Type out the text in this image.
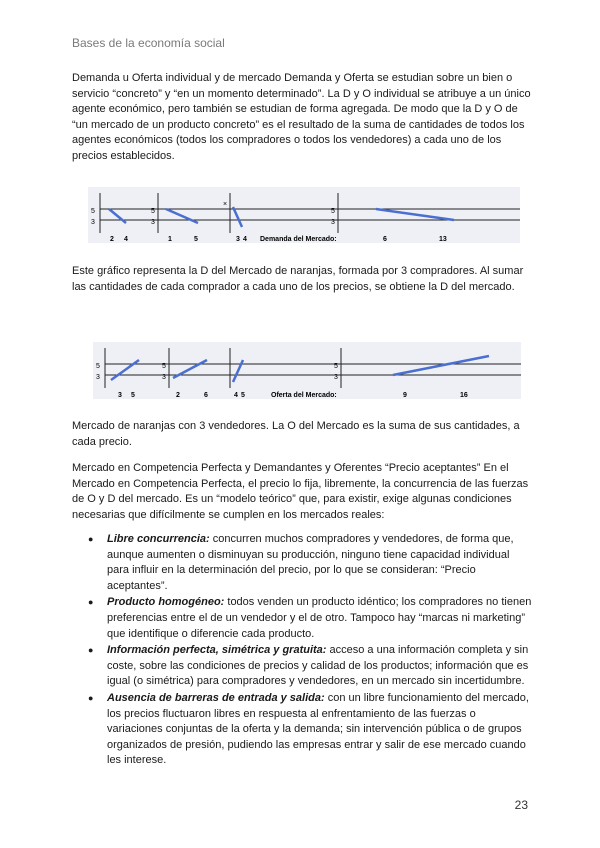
Bases de la economía social

Demanda u Oferta individual y de mercado Demanda y Oferta se estudian sobre un bien o servicio “concreto” y “en un momento determinado”. La D y O individual se atribuye a un único agente económico, pero también se estudian de forma agregada. De modo que la D y O de “un mercado de un producto concreto” es el resultado de la suma de cantidades de todos los agentes económicos (todos los compradores o todos los vendedores) a cada uno de los precios establecidos.

5
3
5
3
5
3
×
2 4	1	5	3 4	6	13
Demanda del Mercado:

Este gráfico representa la D del Mercado de naranjas, formada por 3 compradores. Al sumar las cantidades de cada comprador a cada uno de los precios, se obtiene la D del mercado.

5
3
5
3
5
3
3 5	2	6	4 5	9	16
Oferta del Mercado:

Mercado de naranjas con 3 vendedores. La O del Mercado es la suma de sus cantidades, a cada precio.

Mercado en Competencia Perfecta y Demandantes y Oferentes “Precio aceptantes” En el Mercado en Competencia Perfecta, el precio lo fija, libremente, la concurrencia de las fuerzas de O y D del mercado. Es un “modelo teórico” que, para existir, exige algunas condiciones necesarias que difícilmente se cumplen en los mercados reales:

● Libre concurrencia: concurren muchos compradores y vendedores, de forma que, aunque aumenten o disminuyan su producción, ninguno tiene capacidad individual para influir en la determinación del precio, por lo que se consideran: “Precio aceptantes”.
● Producto homogéneo: todos venden un producto idéntico; los compradores no tienen preferencias entre el de un vendedor y el de otro. Tampoco hay “marcas ni marketing” que identifique o diferencie cada producto.
● Información perfecta, simétrica y gratuita: acceso a una información completa y sin coste, sobre las condiciones de precios y calidad de los productos; información que es igual (o simétrica) para compradores y vendedores, en un mercado sin incertidumbre.
● Ausencia de barreras de entrada y salida: con un libre funcionamiento del mercado, los precios fluctuaron libres en respuesta al enfrentamiento de las fuerzas o variaciones conjuntas de la oferta y la demanda; sin intervención pública o de grupos organizados de presión, pudiendo las empresas entrar y salir de ese mercado cuando les interese.
23
